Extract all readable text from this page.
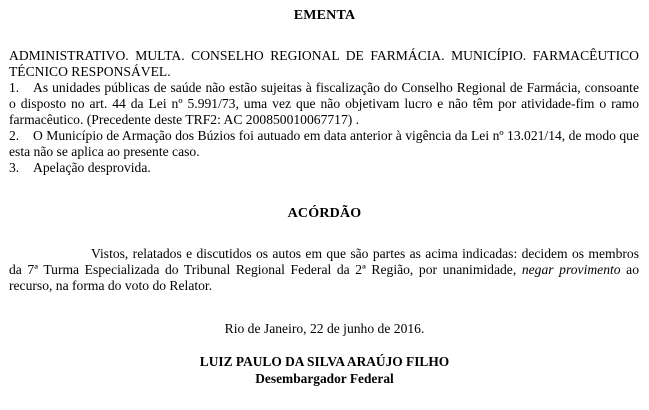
EMENTA

ADMINISTRATIVO. MULTA. CONSELHO REGIONAL DE FARMÁCIA. MUNICÍPIO. FARMACÊUTICO TÉCNICO RESPONSÁVEL.

1. As unidades públicas de saúde não estão sujeitas à fiscalização do Conselho Regional de Farmácia, consoante o disposto no art. 44 da Lei nº 5.991/73, uma vez que não objetivam lucro e não têm por atividade-fim o ramo farmacêutico. (Precedente deste TRF2: AC 200850010067717) .

2. O Município de Armação dos Búzios foi autuado em data anterior à vigência da Lei nº 13.021/14, de modo que esta não se aplica ao presente caso.

3. Apelação desprovida.

ACÓRDÃO

Vistos, relatados e discutidos os autos em que são partes as acima indicadas: decidem os membros da 7ª Turma Especializada do Tribunal Regional Federal da 2ª Região, por unanimidade, negar provimento ao recurso, na forma do voto do Relator.

Rio de Janeiro, 22 de junho de 2016.
LUIZ PAULO DA SILVA ARAÚJO FILHO
Desembargador Federal
